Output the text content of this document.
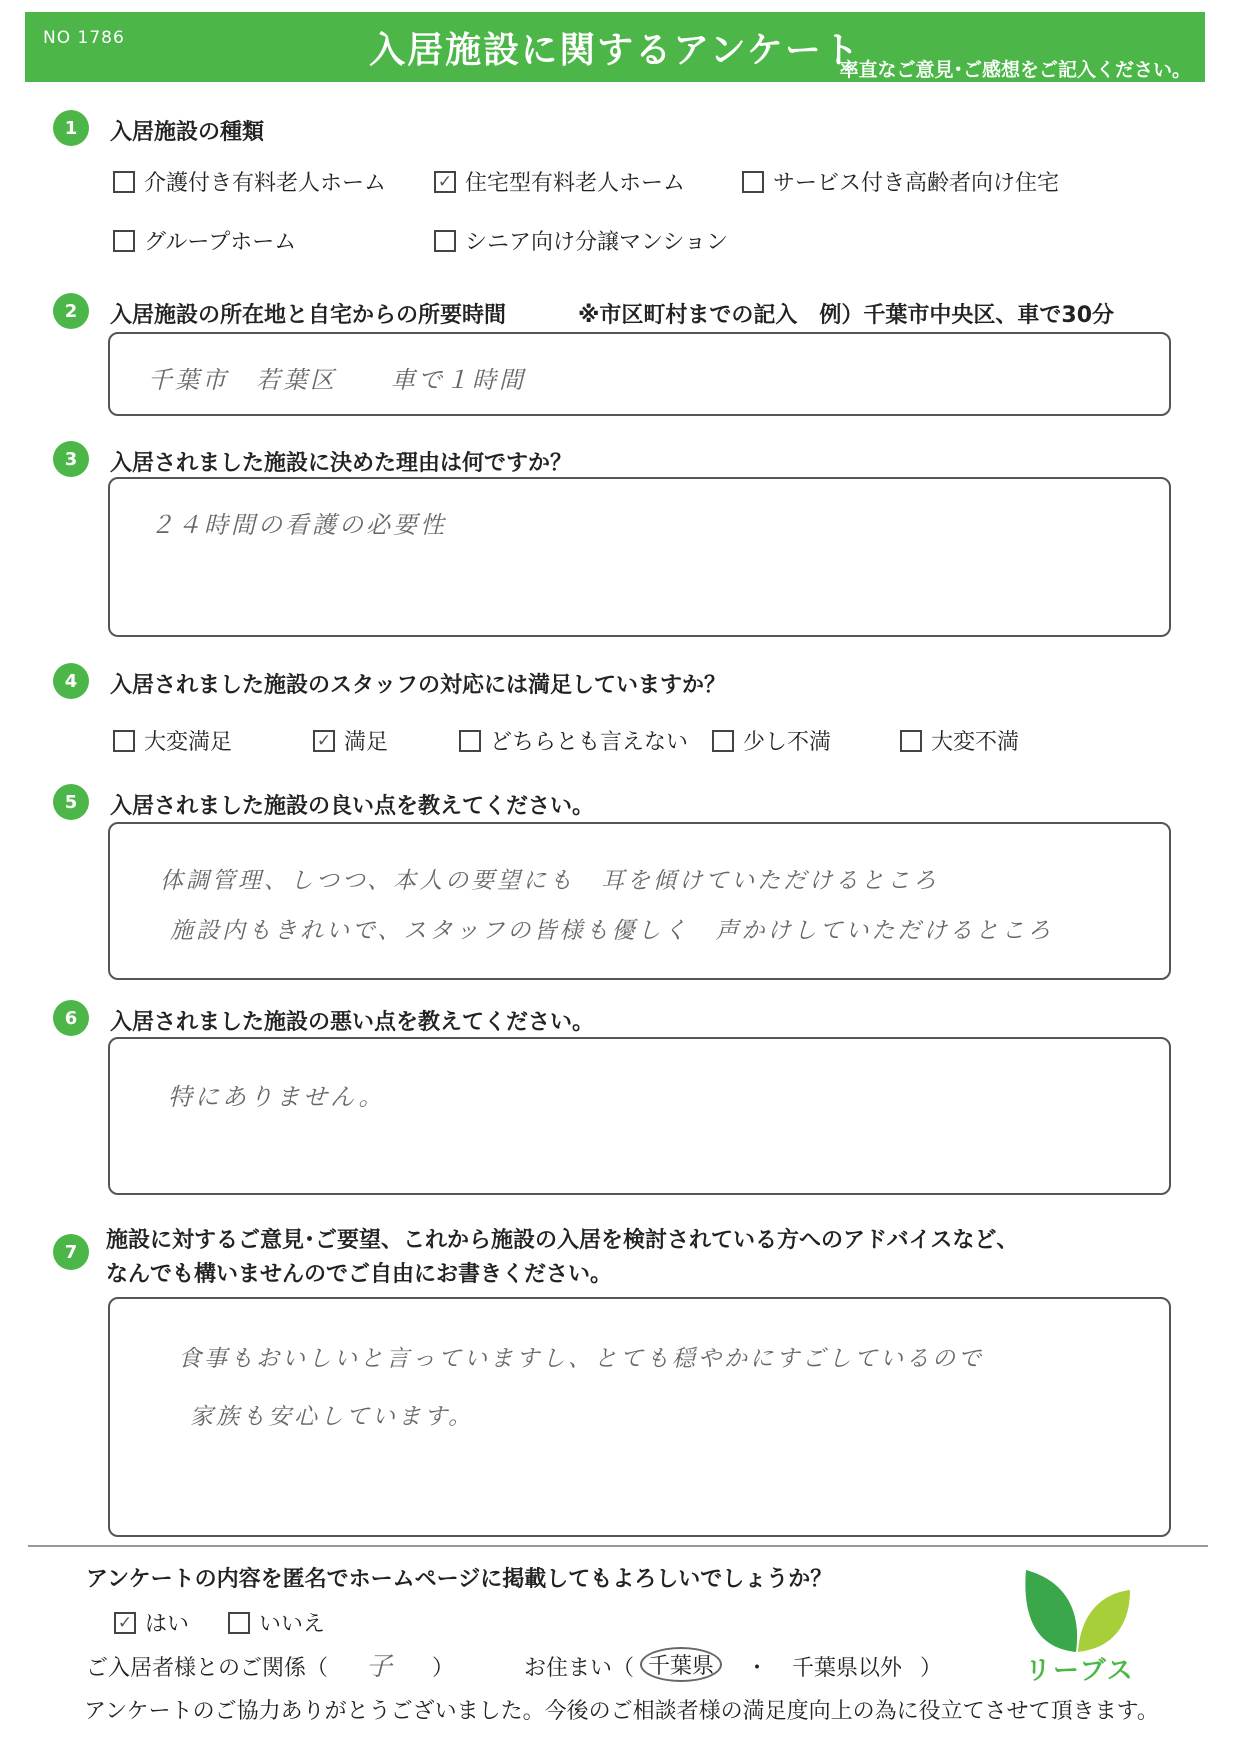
NO 1786	入居施設に関するアンケート
率直なご意見･ご感想をご記入ください。
1	入居施設の種類
介護付き有料老人ホーム	✓ 住宅型有料老人ホーム	サービス付き高齢者向け住宅
グループホーム	シニア向け分譲マンション
2	入居施設の所在地と自宅からの所要時間	※市区町村までの記入　例）千葉市中央区、車で30分
千葉市　若葉区　　車で１時間
3	入居されました施設に決めた理由は何ですか？
２４時間の看護の必要性
4	入居されました施設のスタッフの対応には満足していますか？
大変満足	✓ 満足	どちらとも言えない 少し不満	大変不満
5	入居されました施設の良い点を教えてください。
体調管理、しつつ、本人の要望にも　耳を傾けていただけるところ
施設内もきれいで、スタッフの皆様も優しく　声かけしていただけるところ
6	入居されました施設の悪い点を教えてください。
特にありません。
7	施設に対するご意見･ご要望、これから施設の入居を検討されている方へのアドバイスなど、
なんでも構いませんのでご自由にお書きください。
食事もおいしいと言っていますし、とても穏やかにすごしているので
家族も安心しています。
アンケートの内容を匿名でホームページに掲載してもよろしいでしょうか？
✓ はい	いいえ
ご入居者様とのご関係（ 子 ）	お住まい（ 千葉県	・ 千葉県以外 ）
アンケートのご協力ありがとうございました。今後のご相談者様の満足度向上の為に役立てさせて頂きます。
リーブス
